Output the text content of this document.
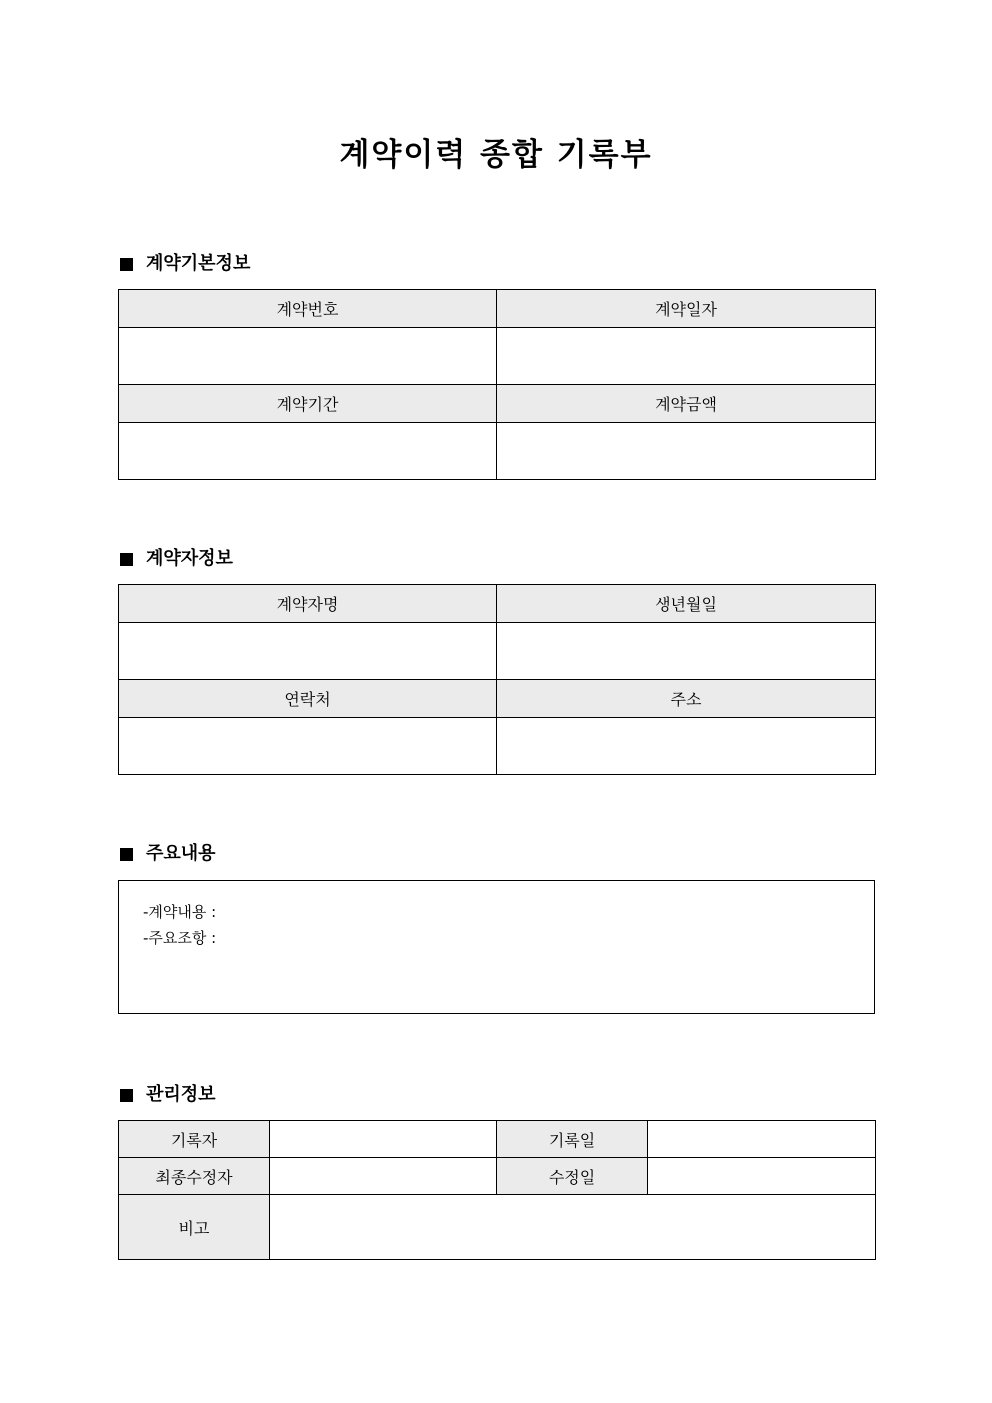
계약이력 종합 기록부
계약기본정보
계약번호	계약일자

계약기간	계약금액

계약자정보
계약자명	생년월일

연락처	주소

주요내용
-계약내용 :
-주요조항 :
관리정보
기록자		기록일	
최종수정자		수정일	
비고			
